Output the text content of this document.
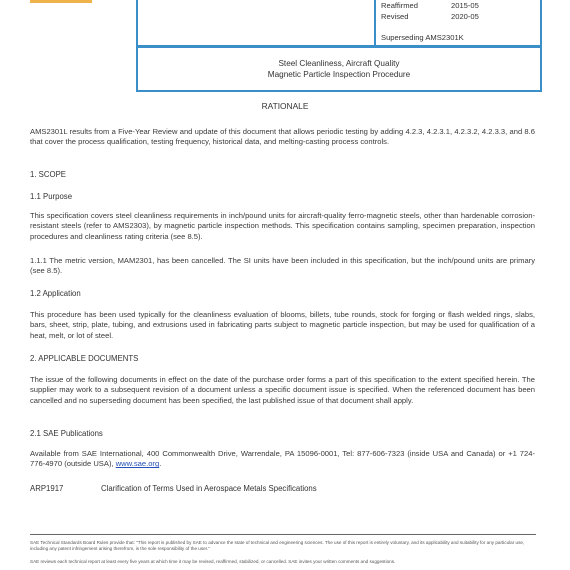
Reaffirmed	2015-05
Revised	2020-05
Superseding AMS2301K
Steel Cleanliness, Aircraft Quality
Magnetic Particle Inspection Procedure
RATIONALE
AMS2301L results from a Five-Year Review and update of this document that allows periodic testing by adding 4.2.3, 4.2.3.1, 4.2.3.2, 4.2.3.3, and 8.6 that cover the process qualification, testing frequency, historical data, and melting-casting process controls.
1. SCOPE
1.1 Purpose
This specification covers steel cleanliness requirements in inch/pound units for aircraft-quality ferro-magnetic steels, other than hardenable corrosion-resistant steels (refer to AMS2303), by magnetic particle inspection methods. This specification contains sampling, specimen preparation, inspection procedures and cleanliness rating criteria (see 8.5).
1.1.1 The metric version, MAM2301, has been cancelled. The SI units have been included in this specification, but the inch/pound units are primary (see 8.5).
1.2 Application
This procedure has been used typically for the cleanliness evaluation of blooms, billets, tube rounds, stock for forging or flash welded rings, slabs, bars, sheet, strip, plate, tubing, and extrusions used in fabricating parts subject to magnetic particle inspection, but may be used for qualification of a heat, melt, or lot of steel.
2. APPLICABLE DOCUMENTS
The issue of the following documents in effect on the date of the purchase order forms a part of this specification to the extent specified herein. The supplier may work to a subsequent revision of a document unless a specific document issue is specified. When the referenced document has been cancelled and no superseding document has been specified, the last published issue of that document shall apply.
2.1 SAE Publications
Available from SAE International, 400 Commonwealth Drive, Warrendale, PA 15096-0001, Tel: 877-606-7323 (inside USA and Canada) or +1 724-776-4970 (outside USA), www.sae.org.
ARP1917	Clarification of Terms Used in Aerospace Metals Specifications
SAE Technical Standards Board Rules provide that: "This report is published by SAE to advance the state of technical and engineering sciences. The use of this report is entirely voluntary, and its applicability and suitability for any particular use, including any patent infringement arising therefrom, is the sole responsibility of the user."
SAE reviews each technical report at least every five years at which time it may be revised, reaffirmed, stabilized, or cancelled. SAE invites your written comments and suggestions.
